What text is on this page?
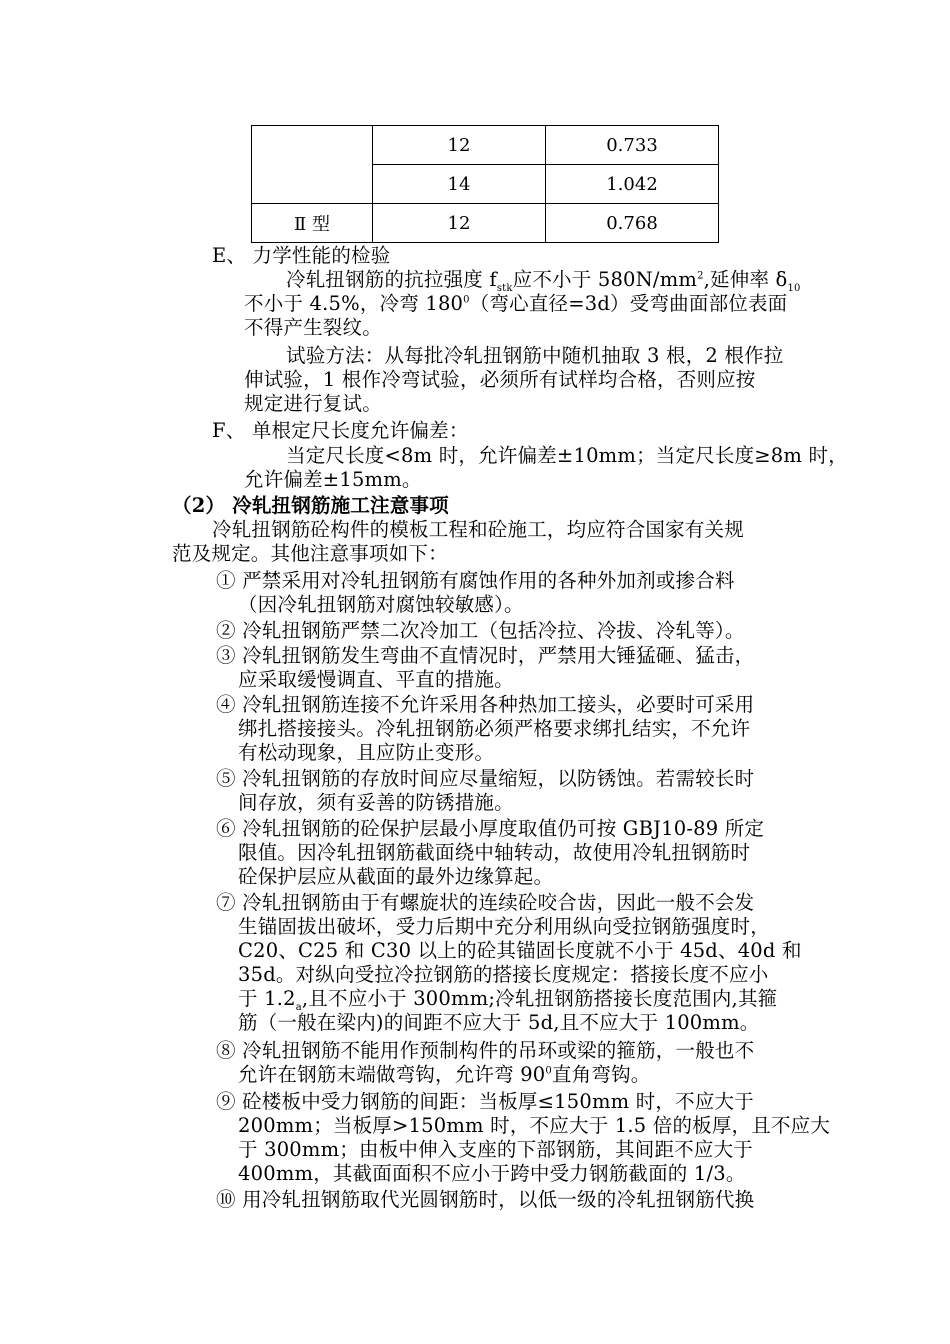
	12	0.733
	14	1.042
Ⅱ 型	12	0.768
E、 力学性能的检验
冷轧扭钢筋的抗拉强度 $f_{stk}$应不小于 $580N/mm^2$,延伸率 $\delta_{10}$
不小于 4.5%，冷弯 $180^0$（弯心直径=3d）受弯曲面部位表面
不得产生裂纹。
试验方法：从每批冷轧扭钢筋中随机抽取 3 根，2 根作拉
伸试验，1 根作冷弯试验，必须所有试样均合格，否则应按
规定进行复试。
F、 单根定尺长度允许偏差：
当定尺长度<8m 时，允许偏差±10mm；当定尺长度≥8m 时，
允许偏差±15mm。
（2） 冷轧扭钢筋施工注意事项
冷轧扭钢筋砼构件的模板工程和砼施工，均应符合国家有关规
范及规定。其他注意事项如下：
① 严禁采用对冷轧扭钢筋有腐蚀作用的各种外加剂或掺合料
（因冷轧扭钢筋对腐蚀较敏感）。
② 冷轧扭钢筋严禁二次冷加工（包括冷拉、冷拔、冷轧等）。
③ 冷轧扭钢筋发生弯曲不直情况时，严禁用大锤猛砸、猛击，
应采取缓慢调直、平直的措施。
④ 冷轧扭钢筋连接不允许采用各种热加工接头，必要时可采用
绑扎搭接接头。冷轧扭钢筋必须严格要求绑扎结实，不允许
有松动现象，且应防止变形。
⑤ 冷轧扭钢筋的存放时间应尽量缩短，以防锈蚀。若需较长时
间存放，须有妥善的防锈措施。
⑥ 冷轧扭钢筋的砼保护层最小厚度取值仍可按 GBJ10-89 所定
限值。因冷轧扭钢筋截面绕中轴转动，故使用冷轧扭钢筋时
砼保护层应从截面的最外边缘算起。
⑦ 冷轧扭钢筋由于有螺旋状的连续砼咬合齿，因此一般不会发
生锚固拔出破坏，受力后期中充分利用纵向受拉钢筋强度时，
C20、C25 和 C30 以上的砼其锚固长度就不小于 45d、40d 和
35d。对纵向受拉冷拉钢筋的搭接长度规定：搭接长度不应小
于 $1.2_a$,且不应小于 300mm;冷轧扭钢筋搭接长度范围内,其箍
筋（一般在梁内)的间距不应大于 5d,且不应大于 100mm。
⑧ 冷轧扭钢筋不能用作预制构件的吊环或梁的箍筋，一般也不
允许在钢筋末端做弯钩，允许弯 $90^0$直角弯钩。
⑨ 砼楼板中受力钢筋的间距：当板厚≤150mm 时，不应大于
200mm；当板厚>150mm 时，不应大于 1.5 倍的板厚，且不应大
于 300mm；由板中伸入支座的下部钢筋，其间距不应大于
400mm，其截面面积不应小于跨中受力钢筋截面的 1/3。
⑩ 用冷轧扭钢筋取代光圆钢筋时，以低一级的冷轧扭钢筋代换
